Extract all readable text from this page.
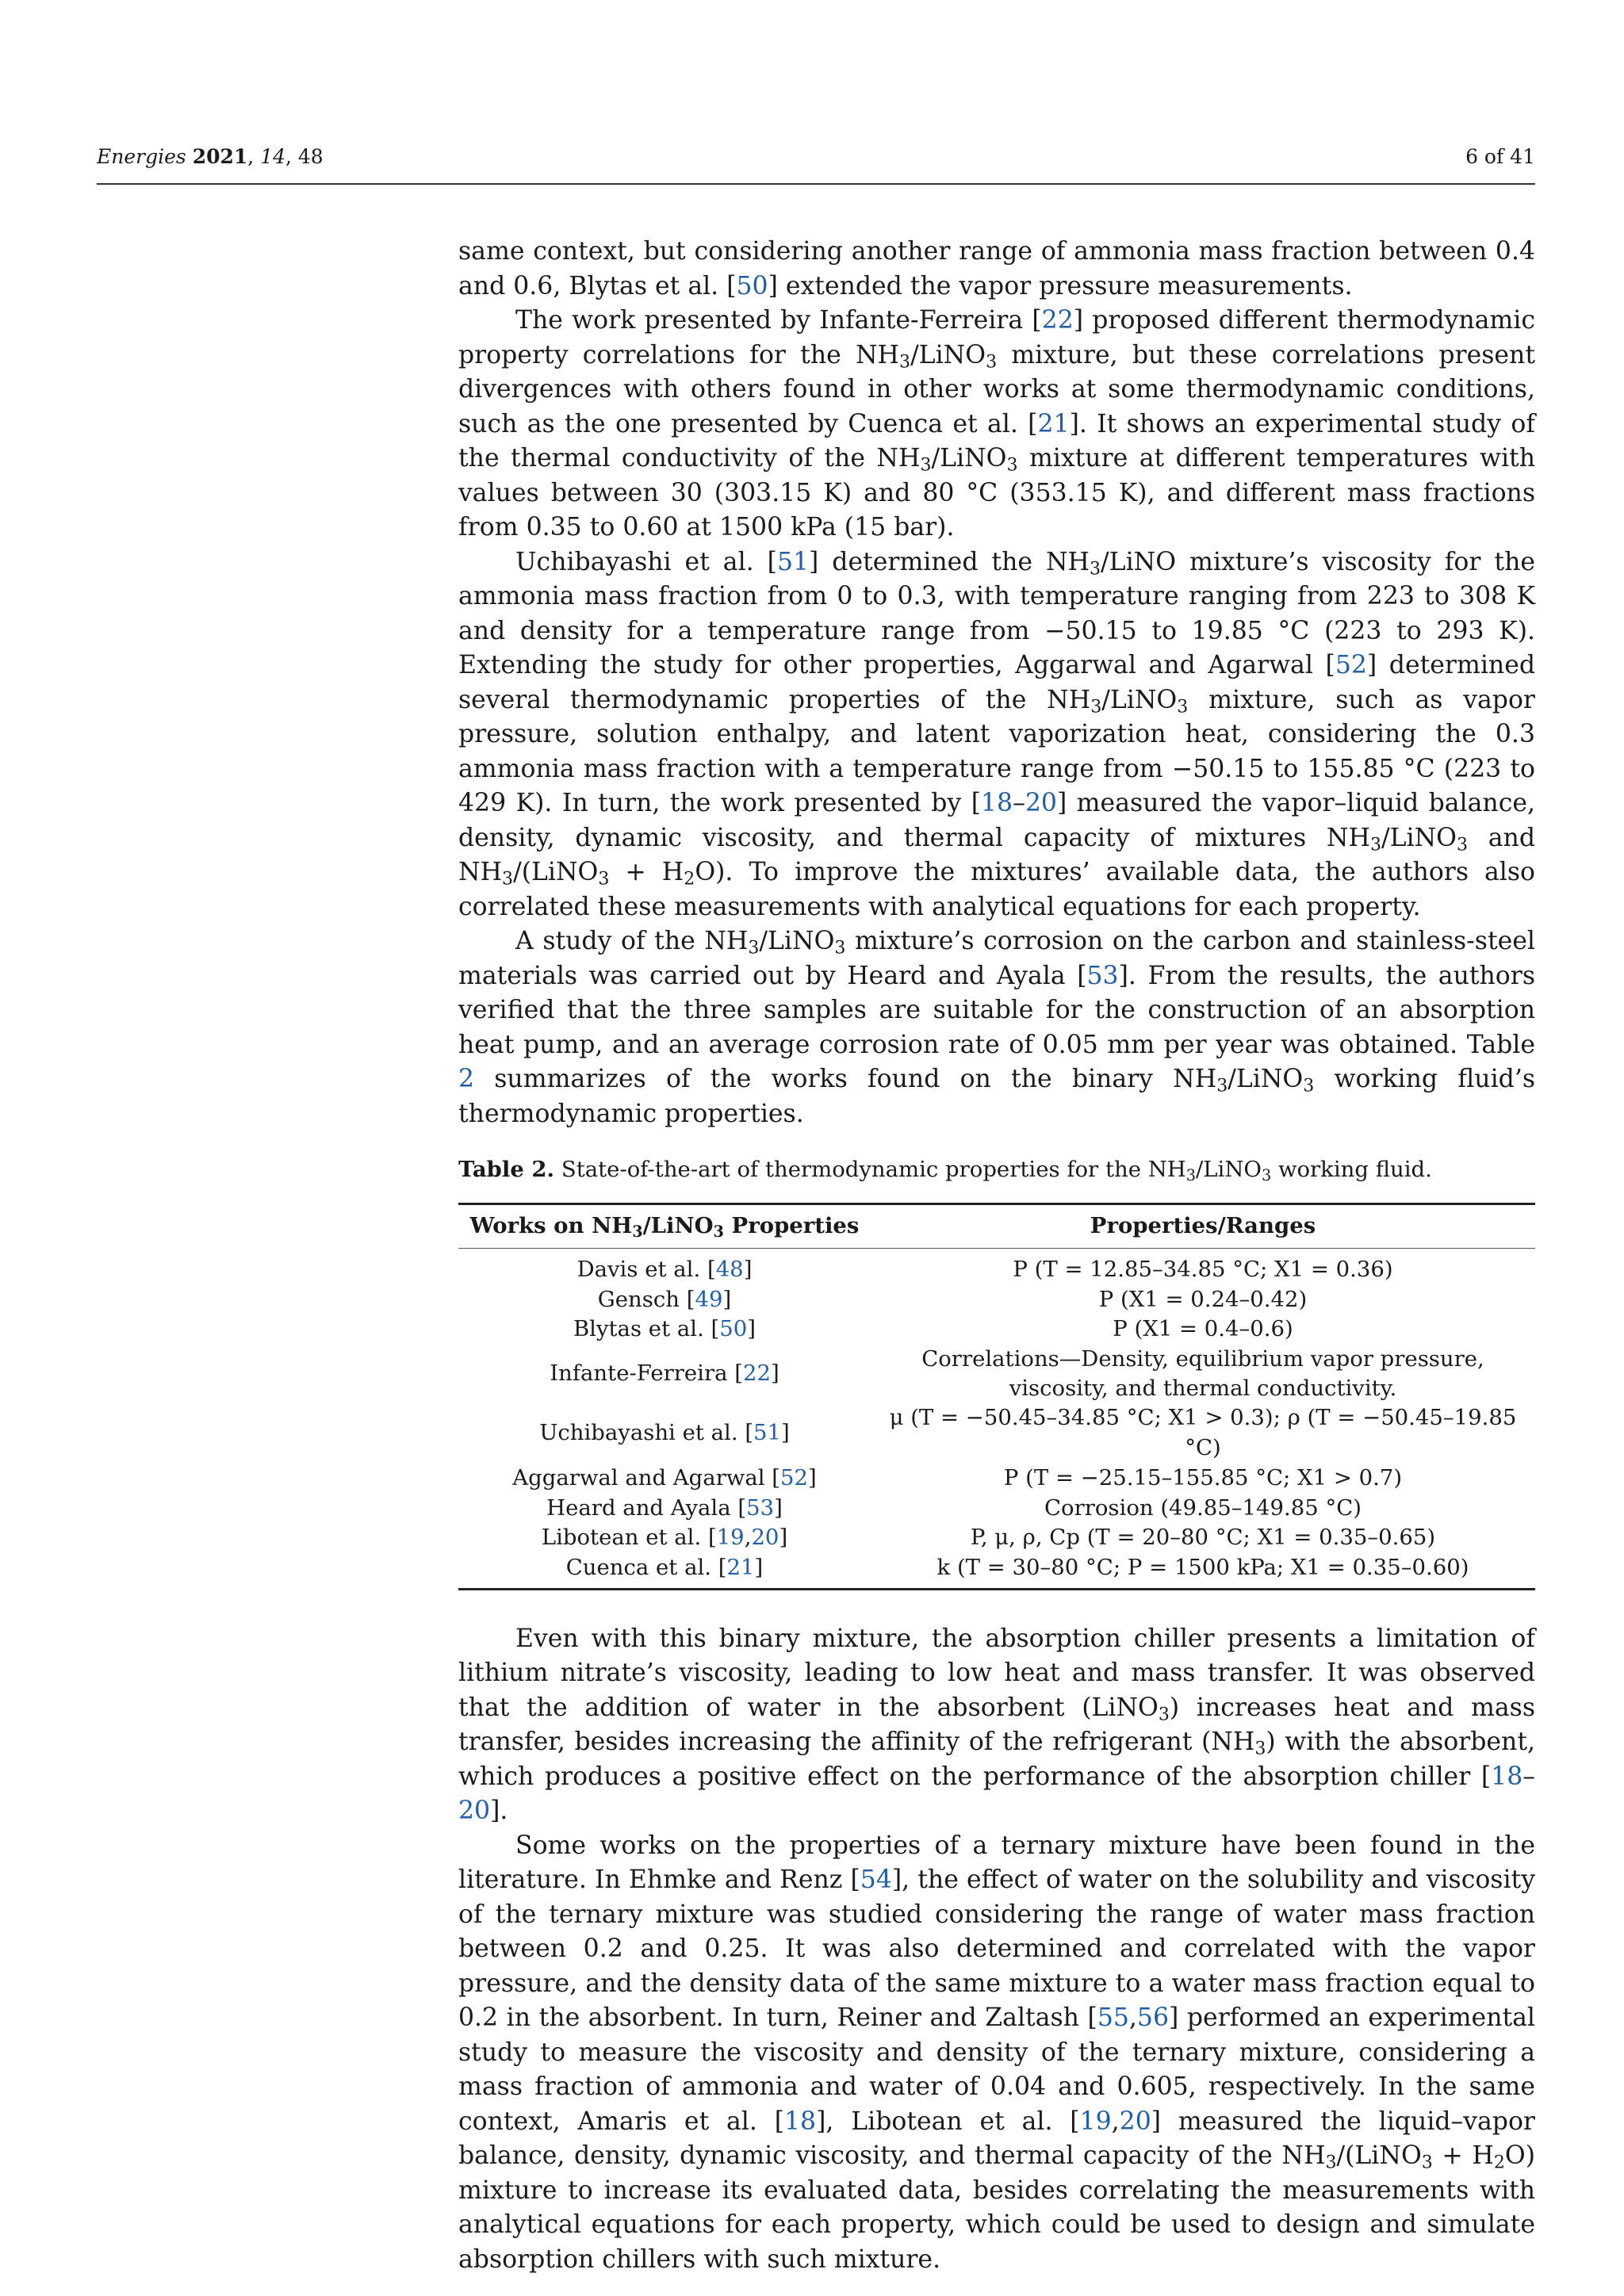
Energies 2021, 14, 48	6 of 41

same context, but considering another range of ammonia mass fraction between 0.4 and 0.6, Blytas et al. [50] extended the vapor pressure measurements.

The work presented by Infante-Ferreira [22] proposed different thermodynamic property correlations for the $NH_3/LiNO_3$ mixture, but these correlations present divergences with others found in other works at some thermodynamic conditions, such as the one presented by Cuenca et al. [21]. It shows an experimental study of the thermal conductivity of the $NH_3/LiNO_3$ mixture at different temperatures with values between 30 (303.15 K) and 80 °C (353.15 K), and different mass fractions from 0.35 to 0.60 at 1500 kPa (15 bar).

Uchibayashi et al. [51] determined the $NH_3$/LiNO mixture’s viscosity for the ammonia mass fraction from 0 to 0.3, with temperature ranging from 223 to 308 K and density for a temperature range from −50.15 to 19.85 °C (223 to 293 K). Extending the study for other properties, Aggarwal and Agarwal [52] determined several thermodynamic properties of the $NH_3/LiNO_3$ mixture, such as vapor pressure, solution enthalpy, and latent vaporization heat, considering the 0.3 ammonia mass fraction with a temperature range from −50.15 to 155.85 °C (223 to 429 K). In turn, the work presented by [18–20] measured the vapor–liquid balance, density, dynamic viscosity, and thermal capacity of mixtures $NH_3/LiNO_3$ and $NH_3/(LiNO_3 + H_2O)$. To improve the mixtures’ available data, the authors also correlated these measurements with analytical equations for each property.

A study of the $NH_3/LiNO_3$ mixture’s corrosion on the carbon and stainless-steel materials was carried out by Heard and Ayala [53]. From the results, the authors verified that the three samples are suitable for the construction of an absorption heat pump, and an average corrosion rate of 0.05 mm per year was obtained. Table 2 summarizes of the works found on the binary $NH_3/LiNO_3$ working fluid’s thermodynamic properties.

Table 2. State-of-the-art of thermodynamic properties for the $NH_3/LiNO_3$ working fluid.
Works on $NH_3/LiNO_3$ Properties	Properties/Ranges
Davis et al. [48]	P (T = 12.85–34.85 °C; X1 = 0.36)
Gensch [49]	P (X1 = 0.24–0.42)
Blytas et al. [50]	P (X1 = 0.4–0.6)
Infante-Ferreira [22]	Correlations—Density, equilibrium vapor pressure,
viscosity, and thermal conductivity.
Uchibayashi et al. [51]	μ (T = −50.45–34.85 °C; X1 > 0.3); ρ (T = −50.45–19.85 °C)
Aggarwal and Agarwal [52]	P (T = −25.15–155.85 °C; X1 > 0.7)
Heard and Ayala [53]	Corrosion (49.85–149.85 °C)
Libotean et al. [19,20]	P, μ, ρ, Cp (T = 20–80 °C; X1 = 0.35–0.65)
Cuenca et al. [21]	k (T = 30–80 °C; P = 1500 kPa; X1 = 0.35–0.60)

Even with this binary mixture, the absorption chiller presents a limitation of lithium nitrate’s viscosity, leading to low heat and mass transfer. It was observed that the addition of water in the absorbent (LiNO$_3$) increases heat and mass transfer, besides increasing the affinity of the refrigerant $(NH_3)$ with the absorbent, which produces a positive effect on the performance of the absorption chiller [18–20].

Some works on the properties of a ternary mixture have been found in the literature. In Ehmke and Renz [54], the effect of water on the solubility and viscosity of the ternary mixture was studied considering the range of water mass fraction between 0.2 and 0.25. It was also determined and correlated with the vapor pressure, and the density data of the same mixture to a water mass fraction equal to 0.2 in the absorbent. In turn, Reiner and Zaltash [55,56] performed an experimental study to measure the viscosity and density of the ternary mixture, considering a mass fraction of ammonia and water of 0.04 and 0.605, respectively. In the same context, Amaris et al. [18], Libotean et al. [19,20] measured the liquid–vapor balance, density, dynamic viscosity, and thermal capacity of the $NH_3/(LiNO_3 + H_2O)$ mixture to increase its evaluated data, besides correlating the measurements with analytical equations for each property, which could be used to design and simulate absorption chillers with such mixture.
